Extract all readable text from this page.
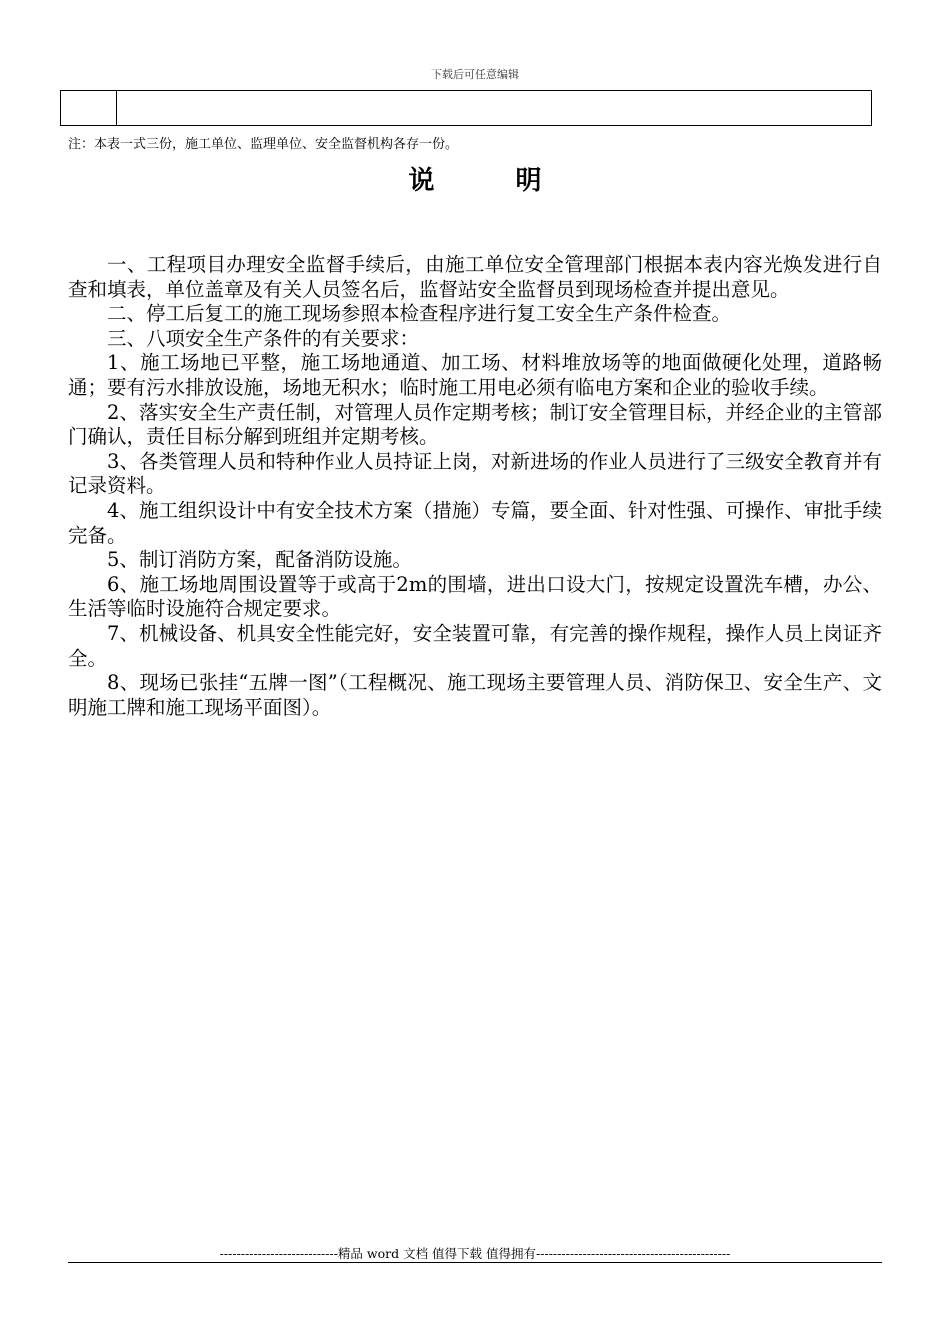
下载后可任意编辑
注：本表一式三份，施工单位、监理单位、安全监督机构各存一份。
说 明

一、工程项目办理安全监督手续后，由施工单位安全管理部门根据本表内容光焕发进行自查和填表，单位盖章及有关人员签名后，监督站安全监督员到现场检查并提出意见。

二、停工后复工的施工现场参照本检查程序进行复工安全生产条件检查。

三、八项安全生产条件的有关要求：

1、施工场地已平整，施工场地通道、加工场、材料堆放场等的地面做硬化处理，道路畅通；要有污水排放设施，场地无积水；临时施工用电必须有临电方案和企业的验收手续。

2、落实安全生产责任制，对管理人员作定期考核；制订安全管理目标，并经企业的主管部门确认，责任目标分解到班组并定期考核。

3、各类管理人员和特种作业人员持证上岗，对新进场的作业人员进行了三级安全教育并有记录资料。

4、施工组织设计中有安全技术方案（措施）专篇，要全面、针对性强、可操作、审批手续完备。

5、制订消防方案，配备消防设施。

6、施工场地周围设置等于或高于2m的围墙，进出口设大门，按规定设置洗车槽，办公、生活等临时设施符合规定要求。

7、机械设备、机具安全性能完好，安全装置可靠，有完善的操作规程，操作人员上岗证齐全。

8、现场已张挂“五牌一图”（工程概况、施工现场主要管理人员、消防保卫、安全生产、文明施工牌和施工现场平面图）。

----------------------------精品 word 文档 值得下载 值得拥有----------------------------------------------
